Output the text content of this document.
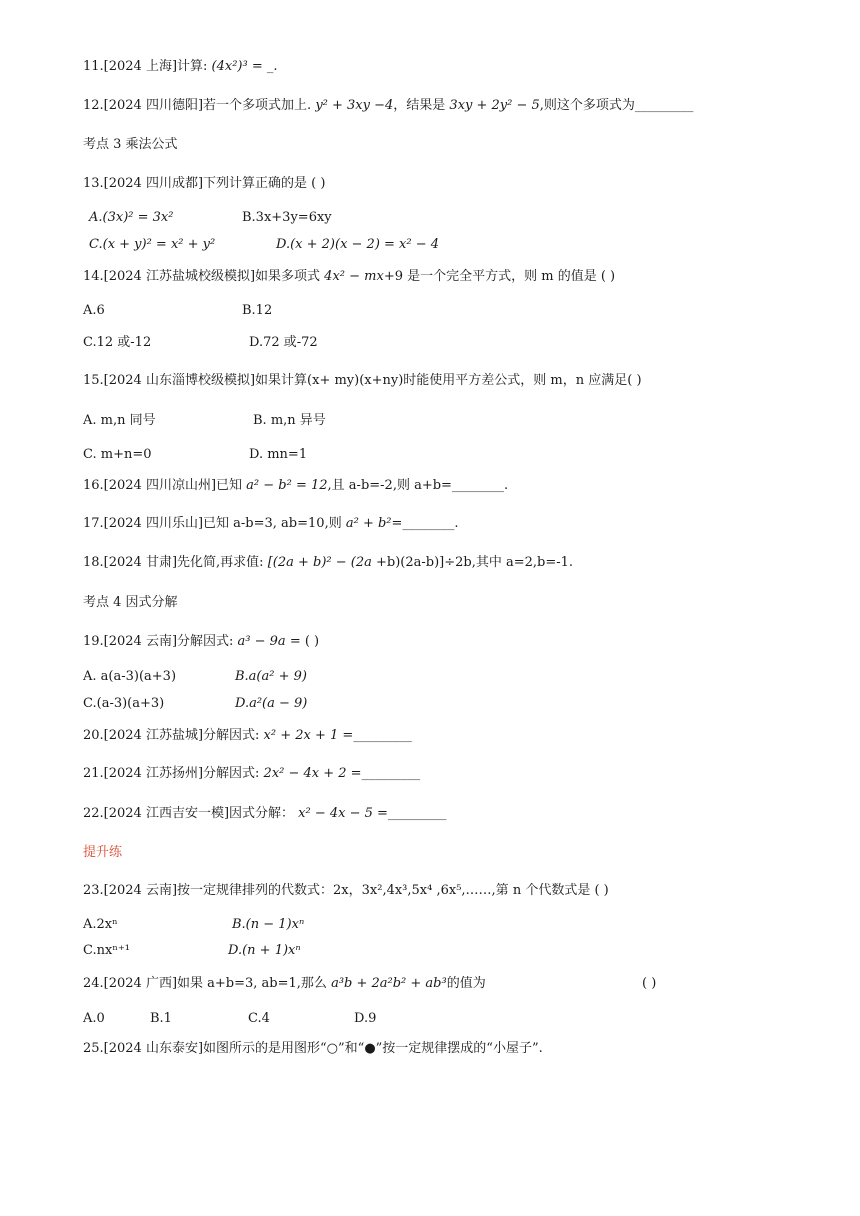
11.[2024 上海]计算: (4x²)³ = _.
12.[2024 四川德阳]若一个多项式加上. y² + 3xy −4，结果是 3xy + 2y² − 5,则这个多项式为_________
考点 3 乘法公式
13.[2024 四川成都]下列计算正确的是 ( )
A.(3x)² = 3x²	B.3x+3y=6xy
C.(x + y)² = x² + y²	D.(x + 2)(x − 2) = x² − 4
14.[2024 江苏盐城校级模拟]如果多项式 4x² − mx+9 是一个完全平方式，则 m 的值是 ( )
A.6	B.12
C.12 或-12	D.72 或-72
15.[2024 山东淄博校级模拟]如果计算(x+ my)(x+ny)时能使用平方差公式，则 m，n 应满足( )
A. m,n 同号	B. m,n 异号
C. m+n=0	D. mn=1
16.[2024 四川凉山州]已知 a² − b² = 12,且 a-b=-2,则 a+b=________.
17.[2024 四川乐山]已知 a-b=3, ab=10,则 a² + b²=________.
18.[2024 甘肃]先化简,再求值: [(2a + b)² − (2a +b)(2a-b)]÷2b,其中 a=2,b=-1.
考点 4 因式分解
19.[2024 云南]分解因式: a³ − 9a = ( )
A. a(a-3)(a+3)	B.a(a² + 9)
C.(a-3)(a+3)	D.a²(a − 9)
20.[2024 江苏盐城]分解因式: x² + 2x + 1 =_________
21.[2024 江苏扬州]分解因式: 2x² − 4x + 2 =_________
22.[2024 江西吉安一模]因式分解： x² − 4x − 5 =_________
提升练
23.[2024 云南]按一定规律排列的代数式：2x，3x²,4x³,5x⁴ ,6x⁵,……,第 n 个代数式是 ( )
A.2xⁿ	B.(n − 1)xⁿ
C.nxⁿ⁺¹	D.(n + 1)xⁿ
24.[2024 广西]如果 a+b=3, ab=1,那么 a³b + 2a²b² + ab³的值为	( )
A.0	B.1	C.4	D.9
25.[2024 山东泰安]如图所示的是用图形“○”和“●”按一定规律摆成的“小屋子”.
